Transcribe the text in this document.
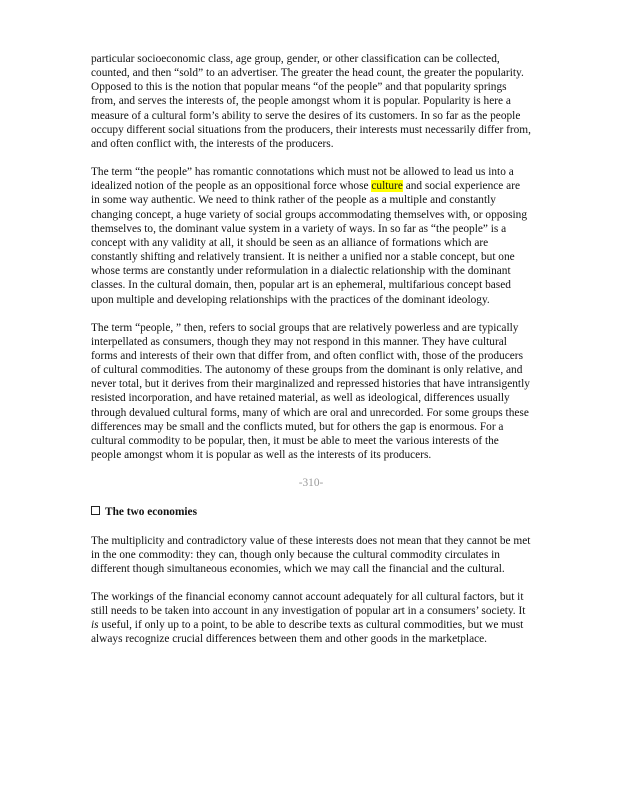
particular socioeconomic class, age group, gender, or other classification can be collected, counted, and then “sold” to an advertiser. The greater the head count, the greater the popularity. Opposed to this is the notion that popular means “of the people” and that popularity springs from, and serves the interests of, the people amongst whom it is popular. Popularity is here a measure of a cultural form’s ability to serve the desires of its customers. In so far as the people occupy different social situations from the producers, their interests must necessarily differ from, and often conflict with, the interests of the producers.

The term “the people” has romantic connotations which must not be allowed to lead us into a idealized notion of the people as an oppositional force whose culture and social experience are in some way authentic. We need to think rather of the people as a multiple and constantly changing concept, a huge variety of social groups accommodating themselves with, or opposing themselves to, the dominant value system in a variety of ways. In so far as “the people” is a concept with any validity at all, it should be seen as an alliance of formations which are constantly shifting and relatively transient. It is neither a unified nor a stable concept, but one whose terms are constantly under reformulation in a dialectic relationship with the dominant classes. In the cultural domain, then, popular art is an ephemeral, multifarious concept based upon multiple and developing relationships with the practices of the dominant ideology.

The term “people, ” then, refers to social groups that are relatively powerless and are typically interpellated as consumers, though they may not respond in this manner. They have cultural forms and interests of their own that differ from, and often conflict with, those of the producers of cultural commodities. The autonomy of these groups from the dominant is only relative, and never total, but it derives from their marginalized and repressed histories that have intransigently resisted incorporation, and have retained material, as well as ideological, differences usually through devalued cultural forms, many of which are oral and unrecorded. For some groups these differences may be small and the conflicts muted, but for others the gap is enormous. For a cultural commodity to be popular, then, it must be able to meet the various interests of the people amongst whom it is popular as well as the interests of its producers.

-310-
The two economies

The multiplicity and contradictory value of these interests does not mean that they cannot be met in the one commodity: they can, though only because the cultural commodity circulates in different though simultaneous economies, which we may call the financial and the cultural.

The workings of the financial economy cannot account adequately for all cultural factors, but it still needs to be taken into account in any investigation of popular art in a consumers’ society. It is useful, if only up to a point, to be able to describe texts as cultural commodities, but we must always recognize crucial differences between them and other goods in the marketplace.
